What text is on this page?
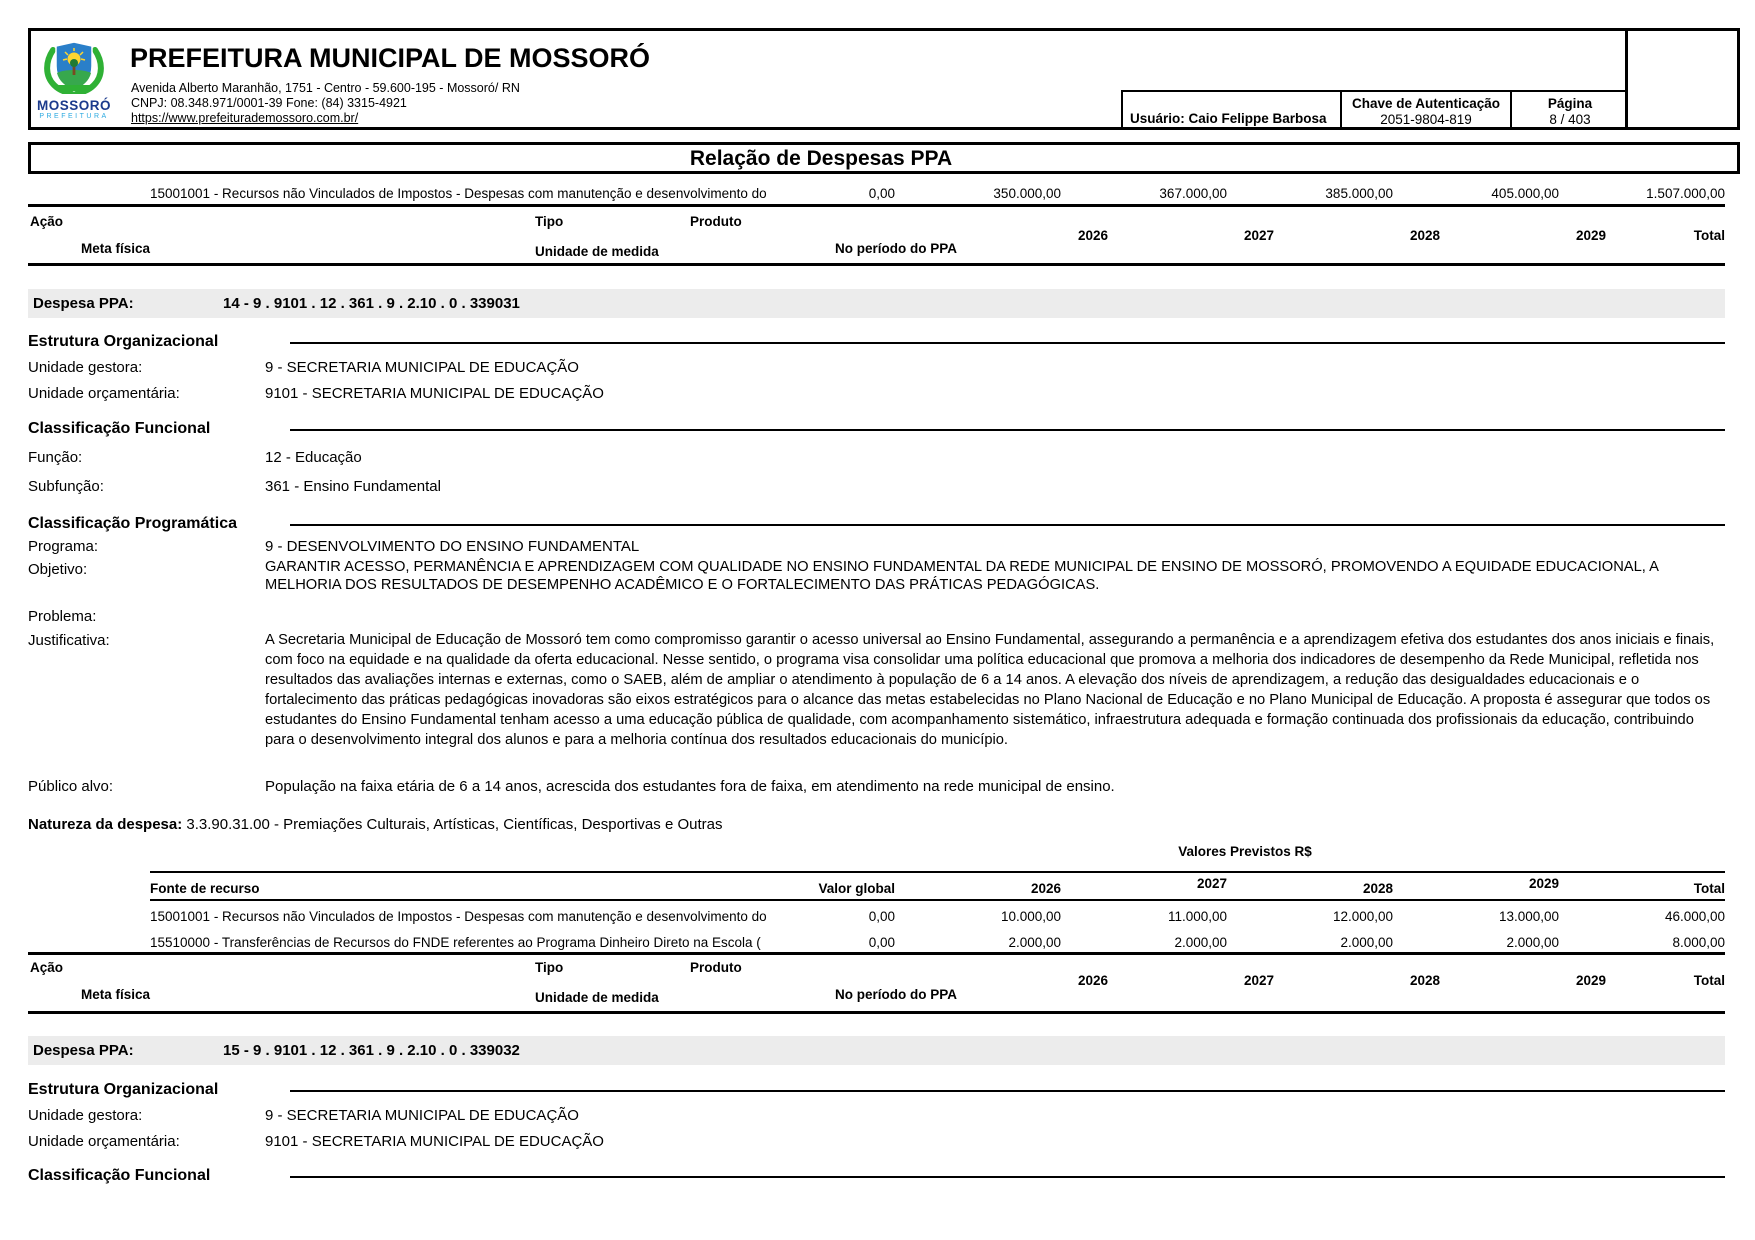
MOSSORÓ
PREFEITURA
PREFEITURA MUNICIPAL DE MOSSORÓ
Avenida Alberto Maranhão, 1751 - Centro - 59.600-195 - Mossoró/ RN
CNPJ: 08.348.971/0001-39 Fone: (84) 3315-4921
https://www.prefeiturademossoro.com.br/	Usuário: Caio Felippe Barbosa
Chave de Autenticação
2051-9804-819
Página
8 / 403
Relação de Despesas PPA
15001001 - Recursos não Vinculados de Impostos - Despesas com manutenção e desenvolvimento do	0,00	350.000,00	367.000,00	385.000,00	405.000,00	1.507.000,00
Ação	Tipo	Produto
2026	2027	2028	2029	Total
Meta física	Unidade de medida	No período do PPA
Despesa PPA:	14 - 9 . 9101 . 12 . 361 . 9 . 2.10 . 0 . 339031
Estrutura Organizacional
Unidade gestora:	9 - SECRETARIA MUNICIPAL DE EDUCAÇÃO
Unidade orçamentária:	9101 - SECRETARIA MUNICIPAL DE EDUCAÇÃO
Classificação Funcional
Função:	12 - Educação
Subfunção:	361 - Ensino Fundamental
Classificação Programática
Programa:	9 - DESENVOLVIMENTO DO ENSINO FUNDAMENTAL
Objetivo:	GARANTIR ACESSO, PERMANÊNCIA E APRENDIZAGEM COM QUALIDADE NO ENSINO FUNDAMENTAL DA REDE MUNICIPAL DE ENSINO DE MOSSORÓ, PROMOVENDO A EQUIDADE EDUCACIONAL, A MELHORIA DOS RESULTADOS DE DESEMPENHO ACADÊMICO E O FORTALECIMENTO DAS PRÁTICAS PEDAGÓGICAS.
Problema:
Justificativa:	A Secretaria Municipal de Educação de Mossoró tem como compromisso garantir o acesso universal ao Ensino Fundamental, assegurando a permanência e a aprendizagem efetiva dos estudantes dos anos iniciais e finais, com foco na equidade e na qualidade da oferta educacional. Nesse sentido, o programa visa consolidar uma política educacional que promova a melhoria dos indicadores de desempenho da Rede Municipal, refletida nos resultados das avaliações internas e externas, como o SAEB, além de ampliar o atendimento à população de 6 a 14 anos. A elevação dos níveis de aprendizagem, a redução das desigualdades educacionais e o fortalecimento das práticas pedagógicas inovadoras são eixos estratégicos para o alcance das metas estabelecidas no Plano Nacional de Educação e no Plano Municipal de Educação. A proposta é assegurar que todos os estudantes do Ensino Fundamental tenham acesso a uma educação pública de qualidade, com acompanhamento sistemático, infraestrutura adequada e formação continuada dos profissionais da educação, contribuindo para o desenvolvimento integral dos alunos e para a melhoria contínua dos resultados educacionais do município.
Público alvo:	População na faixa etária de 6 a 14 anos, acrescida dos estudantes fora de faixa, em atendimento na rede municipal de ensino.
Natureza da despesa: 3.3.90.31.00 - Premiações Culturais, Artísticas, Científicas, Desportivas e Outras
Valores Previstos R$
Fonte de recurso	Valor global	2026	2027	2028	2029	Total
15001001 - Recursos não Vinculados de Impostos - Despesas com manutenção e desenvolvimento do	0,00	10.000,00	11.000,00	12.000,00	13.000,00	46.000,00
15510000 - Transferências de Recursos do FNDE referentes ao Programa Dinheiro Direto na Escola (	0,00	2.000,00	2.000,00	2.000,00	2.000,00	8.000,00
Ação	Tipo	Produto
2026	2027	2028	2029	Total
Meta física	Unidade de medida	No período do PPA
Despesa PPA:	15 - 9 . 9101 . 12 . 361 . 9 . 2.10 . 0 . 339032
Estrutura Organizacional
Unidade gestora:	9 - SECRETARIA MUNICIPAL DE EDUCAÇÃO
Unidade orçamentária:	9101 - SECRETARIA MUNICIPAL DE EDUCAÇÃO
Classificação Funcional
